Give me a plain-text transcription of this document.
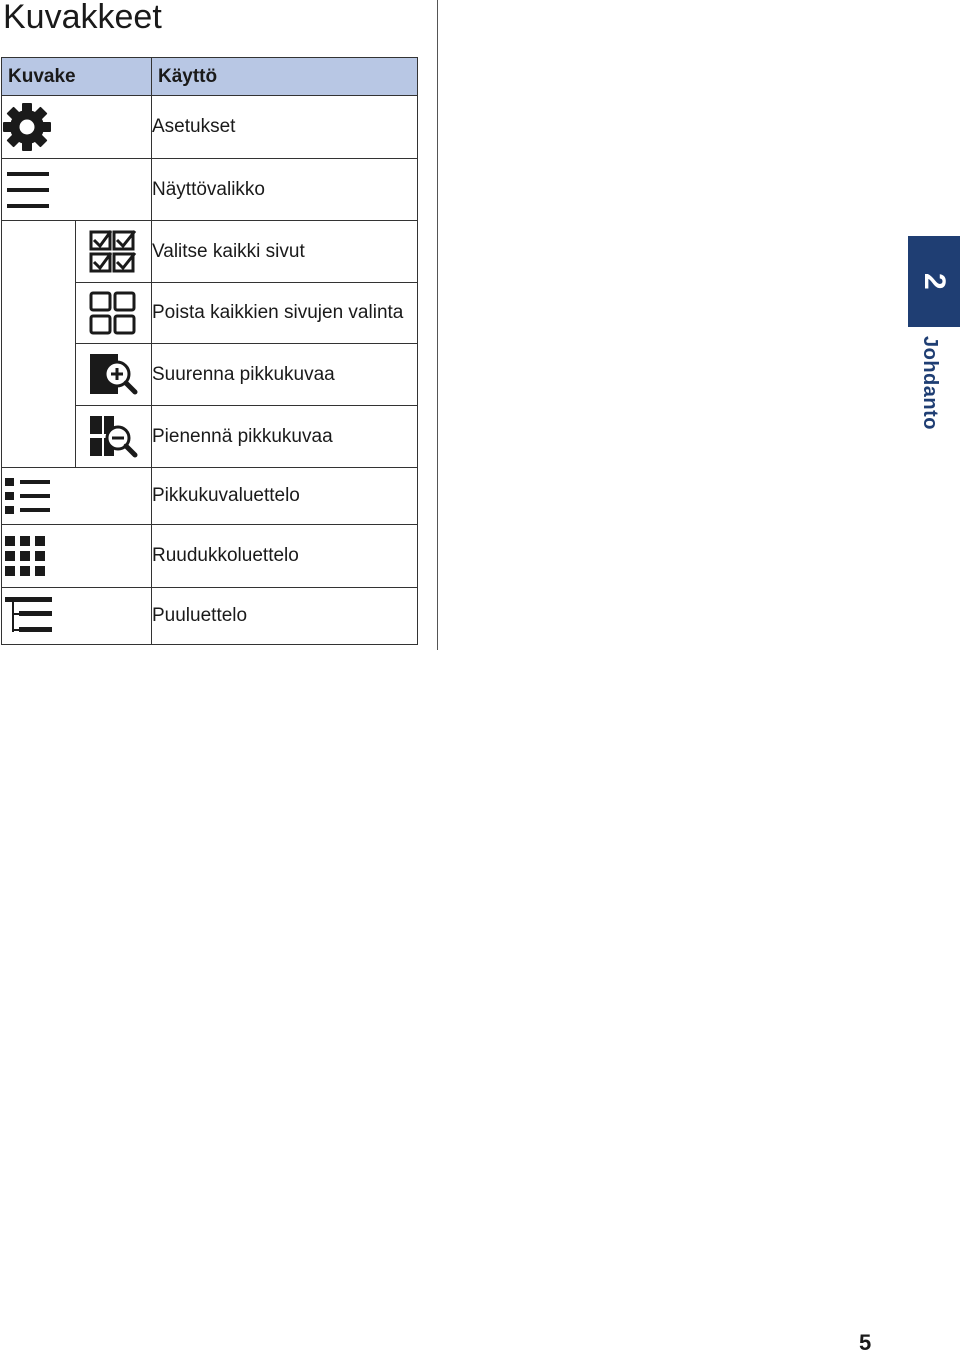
Kuvakkeet
Kuvake		Käyttö

	Asetukset

	Näyttövalikko

	Valitse kaikki sivut

	Poista kaikkien sivujen valinta

	Suurenna pikkukuvaa

	Pienennä pikkukuvaa

	Pikkukuvaluettelo

	Ruudukkoluettelo

	Puuluettelo
2
Johdanto
5
